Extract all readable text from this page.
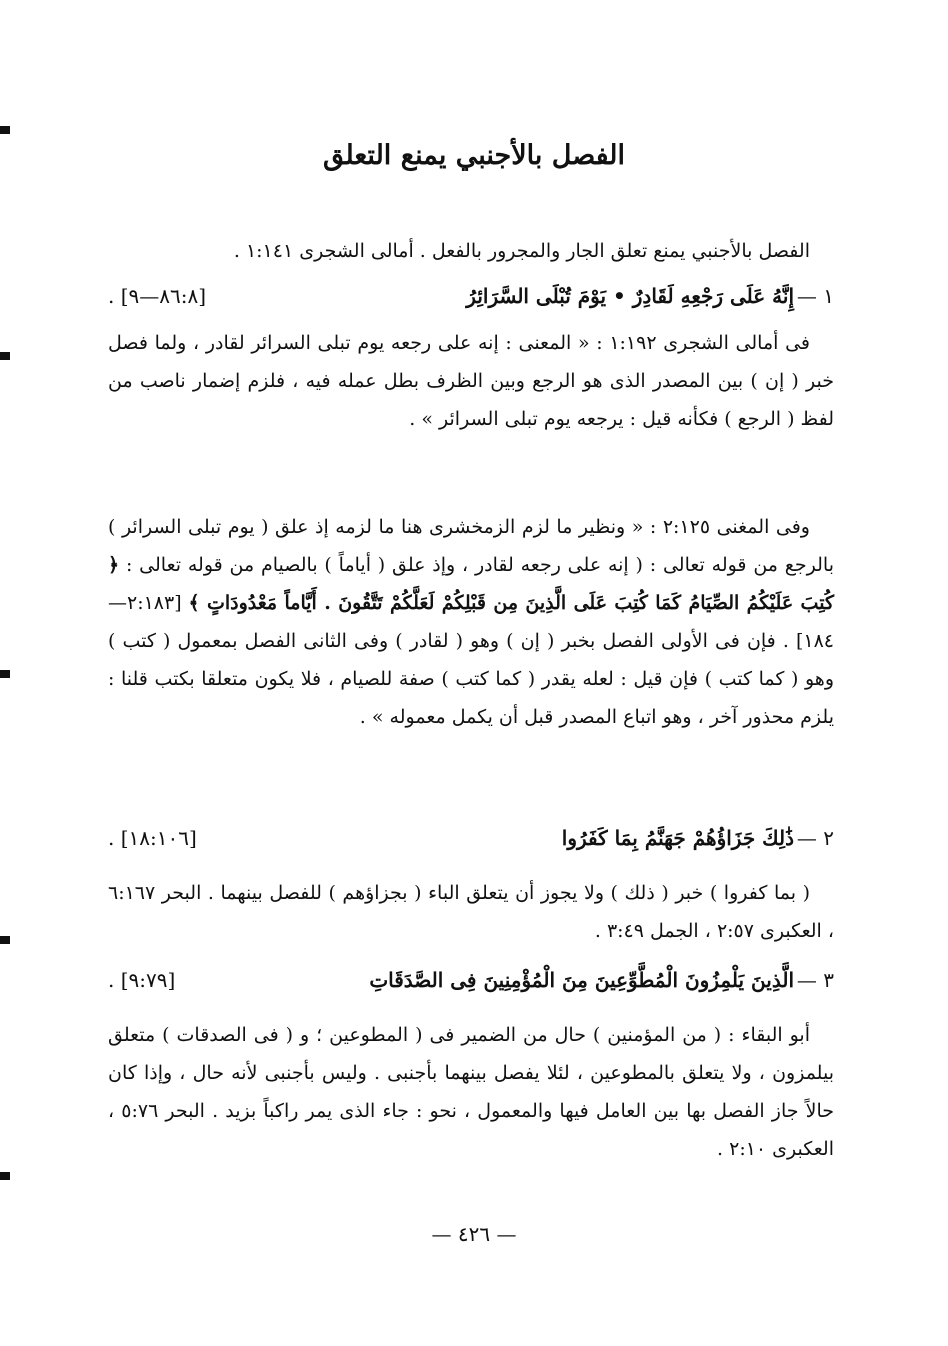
الفصل بالأجنبي يمنع التعلق

الفصل بالأجنبي يمنع تعلق الجار والمجرور بالفعل . أمالى الشجرى ١:١٤١ .

١ —
إِنَّهُ عَلَى رَجْعِهِ لَقَادِرٌ • يَوْمَ تُبْلَى السَّرَائِرُ
[٨٦:٨—٩] .

فى أمالى الشجرى ١:١٩٢ : « المعنى : إنه على رجعه يوم تبلى السرائر لقادر ، ولما فصل خبر ( إن ) بين المصدر الذى هو الرجع وبين الظرف بطل عمله فيه ، فلزم إضمار ناصب من لفظ ( الرجع ) فكأنه قيل : يرجعه يوم تبلى السرائر » .

وفى المغنى ٢:١٢٥ : « ونظير ما لزم الزمخشرى هنا ما لزمه إذ علق ( يوم تبلى السرائر ) بالرجع من قوله تعالى : ( إنه على رجعه لقادر ، وإذ علق ( أياماً ) بالصيام من قوله تعالى : ﴿ كُتِبَ عَلَيْكُمُ الصِّيَامُ كَمَا كُتِبَ عَلَى الَّذِينَ مِن قَبْلِكُمْ لَعَلَّكُمْ تَتَّقُونَ . أَيَّاماً مَعْدُودَاتٍ ﴾ [٢:١٨٣—١٨٤] . فإن فى الأولى الفصل بخبر ( إن ) وهو ( لقادر ) وفى الثانى الفصل بمعمول ( كتب ) وهو ( كما كتب ) فإن قيل : لعله يقدر ( كما كتب ) صفة للصيام ، فلا يكون متعلقا بكتب قلنا : يلزم محذور آخر ، وهو اتباع المصدر قبل أن يكمل معموله » .

٢ —
ذَٰلِكَ جَزَاؤُهُمْ جَهَنَّمُ بِمَا كَفَرُوا
[١٨:١٠٦] .

( بما كفروا ) خبر ( ذلك ) ولا يجوز أن يتعلق الباء ( بجزاؤهم ) للفصل بينهما . البحر ٦:١٦٧ ، العكبرى ٢:٥٧ ، الجمل ٣:٤٩ .

٣ —
الَّذِينَ يَلْمِزُونَ الْمُطَّوِّعِينَ مِنَ الْمُؤْمِنِينَ فِى الصَّدَقَاتِ
[٩:٧٩] .

أبو البقاء : ( من المؤمنين ) حال من الضمير فى ( المطوعين ؛ و ( فى الصدقات ) متعلق بيلمزون ، ولا يتعلق بالمطوعين ، لئلا يفصل بينهما بأجنبى . وليس بأجنبى لأنه حال ، وإذا كان حالاً جاز الفصل بها بين العامل فيها والمعمول ، نحو : جاء الذى يمر راكباً بزيد . البحر ٥:٧٦ ، العكبرى ٢:١٠ .

— ٤٢٦ —
